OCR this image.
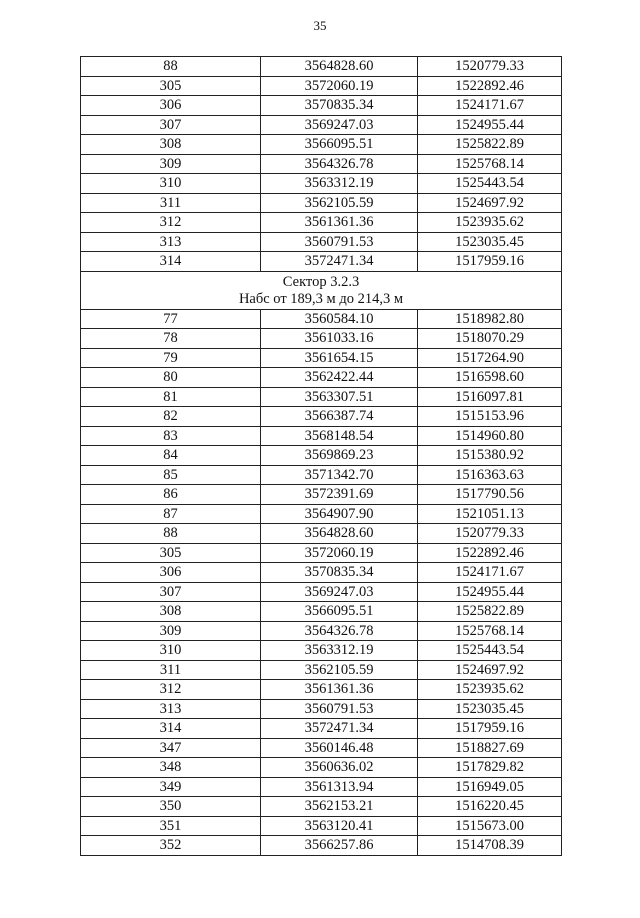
35
88	3564828.60	1520779.33
305	3572060.19	1522892.46
306	3570835.34	1524171.67
307	3569247.03	1524955.44
308	3566095.51	1525822.89
309	3564326.78	1525768.14
310	3563312.19	1525443.54
311	3562105.59	1524697.92
312	3561361.36	1523935.62
313	3560791.53	1523035.45
314	3572471.34	1517959.16

Сектор 3.2.3
Набс от 189,3 м до 214,3 м		

77	3560584.10	1518982.80
78	3561033.16	1518070.29
79	3561654.15	1517264.90
80	3562422.44	1516598.60
81	3563307.51	1516097.81
82	3566387.74	1515153.96
83	3568148.54	1514960.80
84	3569869.23	1515380.92
85	3571342.70	1516363.63
86	3572391.69	1517790.56
87	3564907.90	1521051.13
88	3564828.60	1520779.33
305	3572060.19	1522892.46
306	3570835.34	1524171.67
307	3569247.03	1524955.44
308	3566095.51	1525822.89
309	3564326.78	1525768.14
310	3563312.19	1525443.54
311	3562105.59	1524697.92
312	3561361.36	1523935.62
313	3560791.53	1523035.45
314	3572471.34	1517959.16
347	3560146.48	1518827.69
348	3560636.02	1517829.82
349	3561313.94	1516949.05
350	3562153.21	1516220.45
351	3563120.41	1515673.00
352	3566257.86	1514708.39
